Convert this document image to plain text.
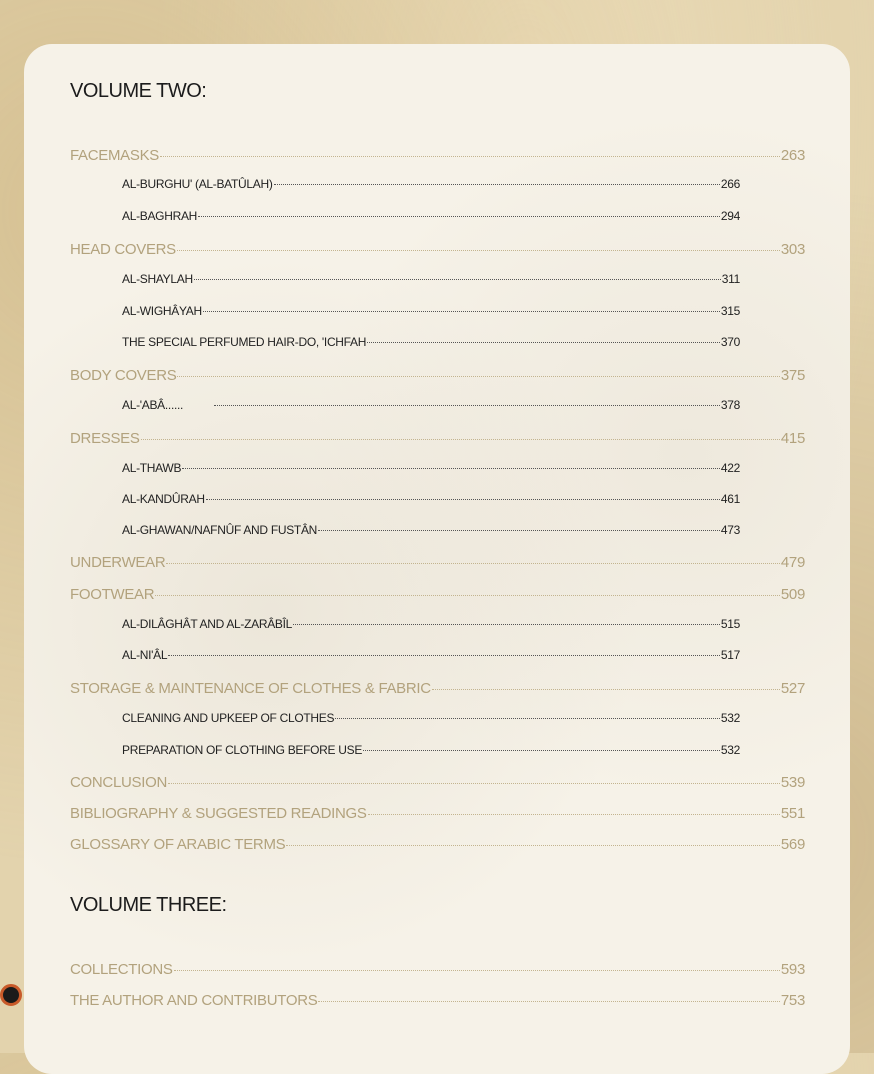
VOLUME TWO:
VOLUME THREE:
FACEMASKS	263
AL-BURGHU' (AL-BATÛLAH)	266
AL-BAGHRAH	294
HEAD COVERS	303
AL-SHAYLAH	311
AL-WIGHÂYAH	315
THE SPECIAL PERFUMED HAIR-DO, 'ICHFAH	370
BODY COVERS	375
AL-'ABÂ......	378
DRESSES	415
AL-THAWB	422
AL-KANDÛRAH	461
AL-GHAWAN/NAFNÛF AND FUSTÂN	473
UNDERWEAR	479
FOOTWEAR	509
AL-DILÂGHÂT AND AL-ZARÂBÎL	515
AL-NI'ÂL	517
STORAGE & MAINTENANCE OF CLOTHES & FABRIC	527
CLEANING AND UPKEEP OF CLOTHES	532
PREPARATION OF CLOTHING BEFORE USE	532
CONCLUSION	539
BIBLIOGRAPHY & SUGGESTED READINGS	551
GLOSSARY OF ARABIC TERMS	569
COLLECTIONS	593
THE AUTHOR AND CONTRIBUTORS	753
